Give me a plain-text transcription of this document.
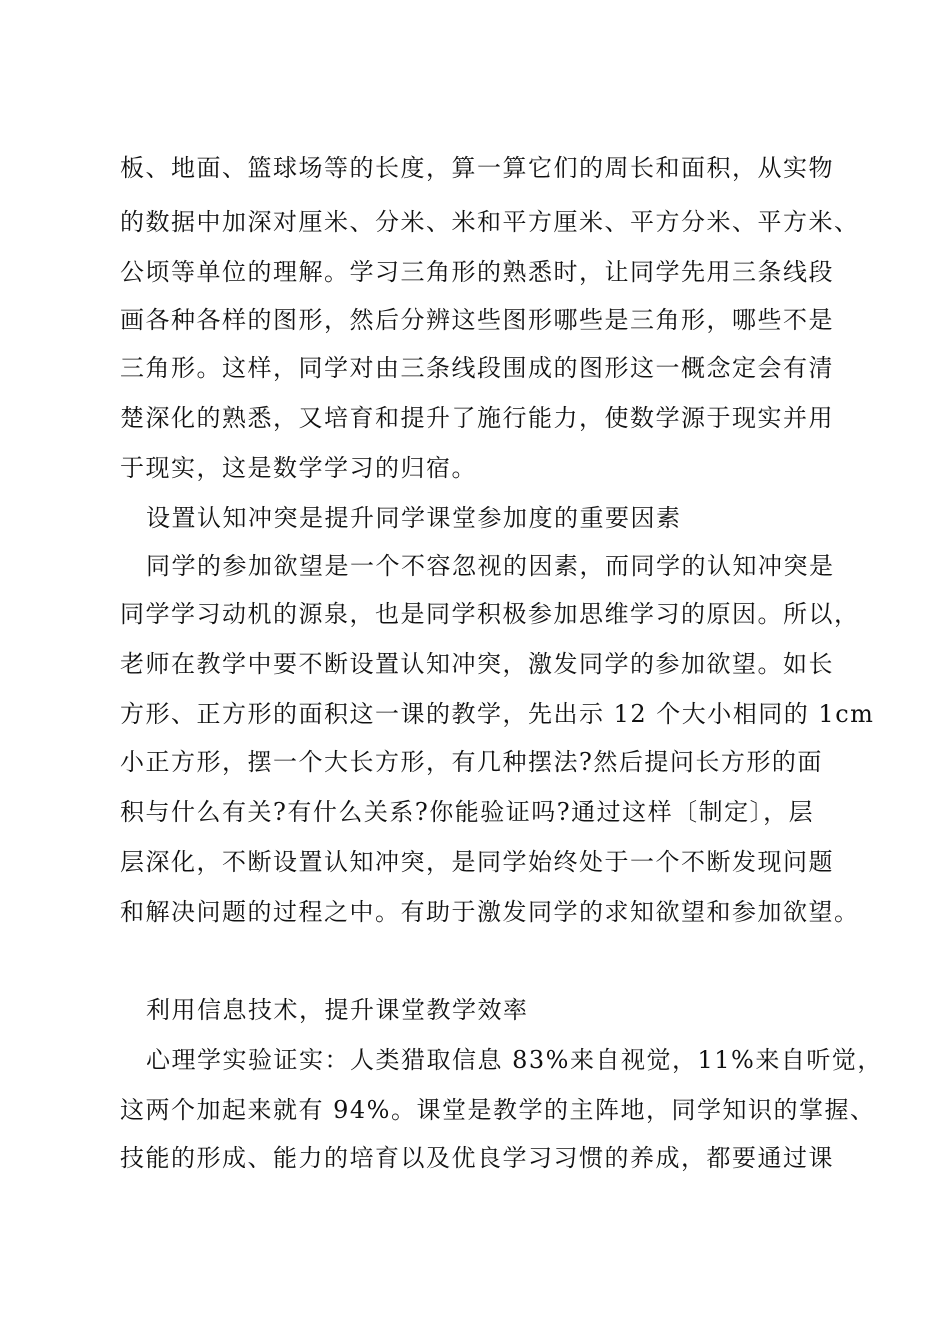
板、地面、篮球场等的长度，算一算它们的周长和面积，从实物
的数据中加深对厘米、分米、米和平方厘米、平方分米、平方米、
公顷等单位的理解。学习三角形的熟悉时，让同学先用三条线段
画各种各样的图形，然后分辨这些图形哪些是三角形，哪些不是
三角形。这样，同学对由三条线段围成的图形这一概念定会有清
楚深化的熟悉，又培育和提升了施行能力，使数学源于现实并用
于现实，这是数学学习的归宿。
设置认知冲突是提升同学课堂参加度的重要因素
同学的参加欲望是一个不容忽视的因素，而同学的认知冲突是
同学学习动机的源泉，也是同学积极参加思维学习的原因。所以，
老师在教学中要不断设置认知冲突，激发同学的参加欲望。如长
方形、正方形的面积这一课的教学，先出示 12 个大小相同的 1cm
小正方形，摆一个大长方形，有几种摆法?然后提问长方形的面
积与什么有关?有什么关系?你能验证吗?通过这样〔制定〕，层
层深化，不断设置认知冲突，是同学始终处于一个不断发现问题
和解决问题的过程之中。有助于激发同学的求知欲望和参加欲望。
利用信息技术，提升课堂教学效率
心理学实验证实：人类猎取信息 83%来自视觉，11%来自听觉，
这两个加起来就有 94%。课堂是教学的主阵地，同学知识的掌握、
技能的形成、能力的培育以及优良学习习惯的养成，都要通过课
